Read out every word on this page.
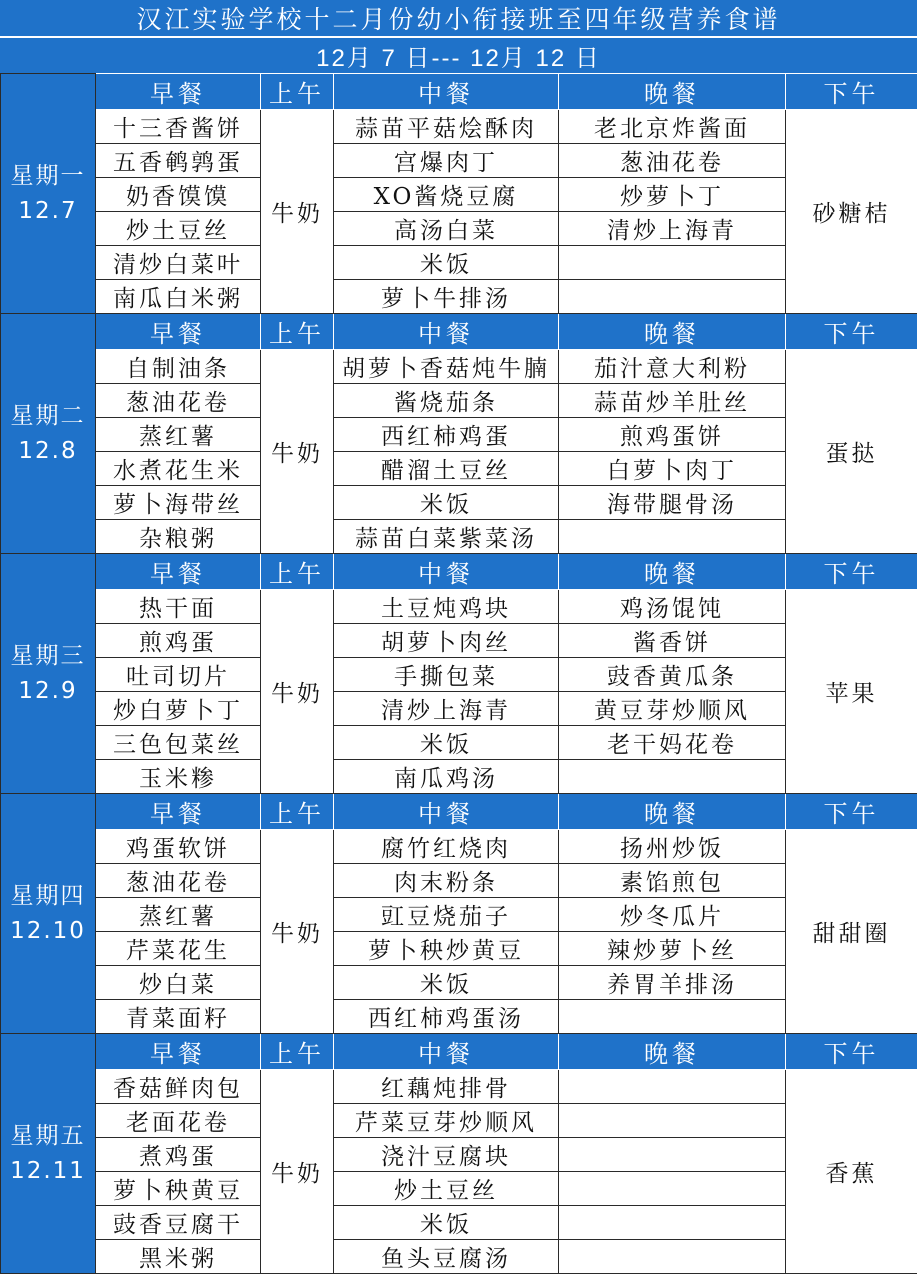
汉江实验学校十二月份幼小衔接班至四年级营养食谱
12月 7 日--- 12月 12 日
星期一
12.7	早餐	上午	中餐	晚餐	下午
	十三香酱饼	牛奶	蒜苗平菇烩酥肉	老北京炸酱面	砂糖桔
	五香鹌鹑蛋		宫爆肉丁	葱油花卷	
	奶香馍馍		XO酱烧豆腐	炒萝卜丁	
	炒土豆丝		高汤白菜	清炒上海青	
	清炒白菜叶		米饭		
	南瓜白米粥		萝卜牛排汤		

星期二
12.8	早餐	上午	中餐	晚餐	下午
	自制油条	牛奶	胡萝卜香菇炖牛腩	茄汁意大利粉	蛋挞
	葱油花卷		酱烧茄条	蒜苗炒羊肚丝	
	蒸红薯		西红柿鸡蛋	煎鸡蛋饼	
	水煮花生米		醋溜土豆丝	白萝卜肉丁	
	萝卜海带丝		米饭	海带腿骨汤	
	杂粮粥		蒜苗白菜紫菜汤		

星期三
12.9	早餐	上午	中餐	晚餐	下午
	热干面	牛奶	土豆炖鸡块	鸡汤馄饨	苹果
	煎鸡蛋		胡萝卜肉丝	酱香饼	
	吐司切片		手撕包菜	豉香黄瓜条	
	炒白萝卜丁		清炒上海青	黄豆芽炒顺风	
	三色包菜丝		米饭	老干妈花卷	
	玉米糁		南瓜鸡汤		

星期四
12.10	早餐	上午	中餐	晚餐	下午
	鸡蛋软饼	牛奶	腐竹红烧肉	扬州炒饭	甜甜圈
	葱油花卷		肉末粉条	素馅煎包	
	蒸红薯		豇豆烧茄子	炒冬瓜片	
	芹菜花生		萝卜秧炒黄豆	辣炒萝卜丝	
	炒白菜		米饭	养胃羊排汤	
	青菜面籽		西红柿鸡蛋汤		

星期五
12.11	早餐	上午	中餐	晚餐	下午
	香菇鲜肉包	牛奶	红藕炖排骨		香蕉
	老面花卷		芹菜豆芽炒顺风		
	煮鸡蛋		浇汁豆腐块		
	萝卜秧黄豆		炒土豆丝		
	豉香豆腐干		米饭		
	黑米粥		鱼头豆腐汤		
